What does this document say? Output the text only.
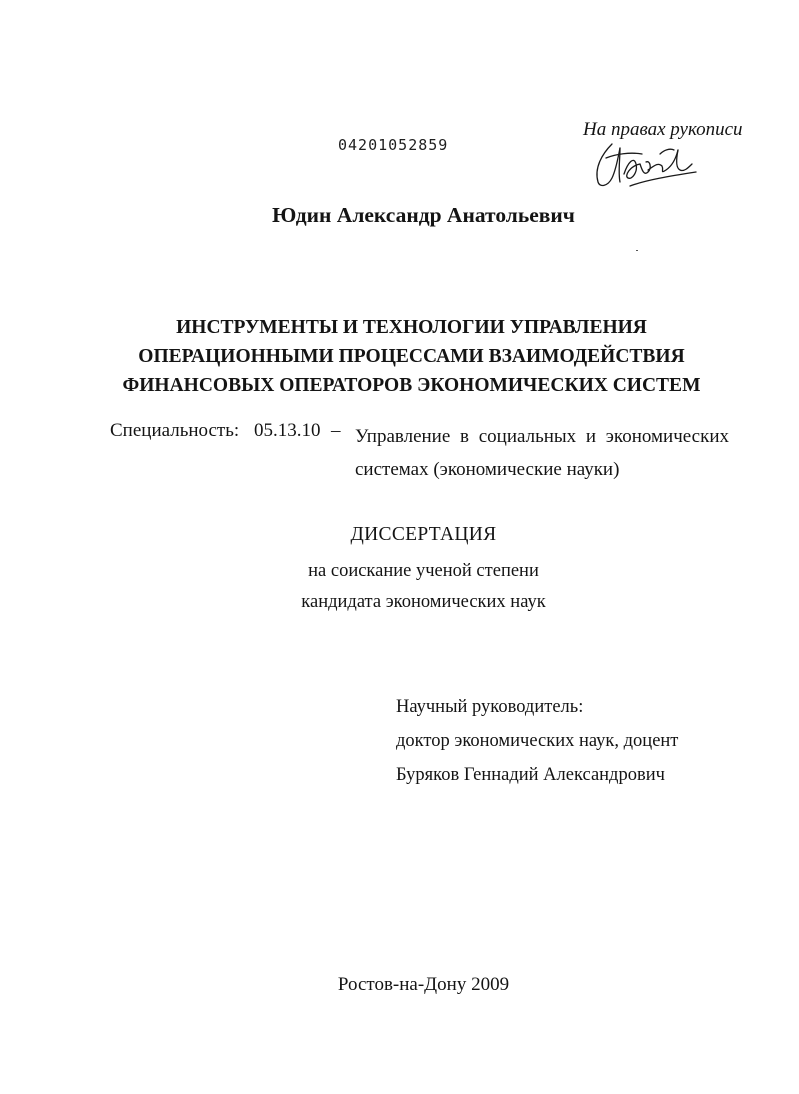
04201052859
На правах рукописи
Юдин Александр Анатольевич
ИНСТРУМЕНТЫ И ТЕХНОЛОГИИ УПРАВЛЕНИЯ
ОПЕРАЦИОННЫМИ ПРОЦЕССАМИ ВЗАИМОДЕЙСТВИЯ
ФИНАНСОВЫХ ОПЕРАТОРОВ ЭКОНОМИЧЕСКИХ СИСТЕМ
Специальность: 05.13.10 – Управление в социальных и экономических
системах (экономические науки)
ДИССЕРТАЦИЯ
на соискание ученой степени
кандидата экономических наук
Научный руководитель:
доктор экономических наук, доцент
Буряков Геннадий Александрович
Ростов-на-Дону 2009
